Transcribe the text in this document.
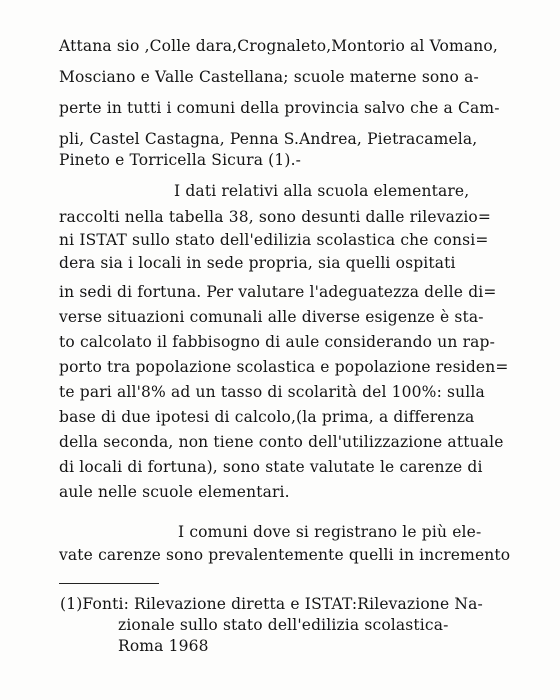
Attana sio ,Colle dara,Crognaleto,Montorio al Vomano,
Mosciano e Valle Castellana; scuole materne sono a-
perte in tutti i comuni della provincia salvo che a Cam-
pli, Castel Castagna, Penna S.Andrea, Pietracamela,
Pineto e Torricella Sicura (1).-
I dati relativi alla scuola elementare,
raccolti nella tabella 38, sono desunti dalle rilevazio=
ni ISTAT sullo stato dell'edilizia scolastica che consi=
dera sia i locali in sede propria, sia quelli ospitati
in sedi di fortuna. Per valutare l'adeguatezza delle di=
verse situazioni comunali alle diverse esigenze è sta-
to calcolato il fabbisogno di aule considerando un rap-
porto tra popolazione scolastica e popolazione residen=
te pari all'8% ad un tasso di scolarità del 100%: sulla
base di due ipotesi di calcolo,(la prima, a differenza
della seconda, non tiene conto dell'utilizzazione attuale
di locali di fortuna), sono state valutate le carenze di
aule nelle scuole elementari.
I comuni dove si registrano le più ele-
vate carenze sono prevalentemente quelli in incremento
(1)Fonti: Rilevazione diretta e ISTAT:Rilevazione Na-
zionale sullo stato dell'edilizia scolastica-
Roma 1968
